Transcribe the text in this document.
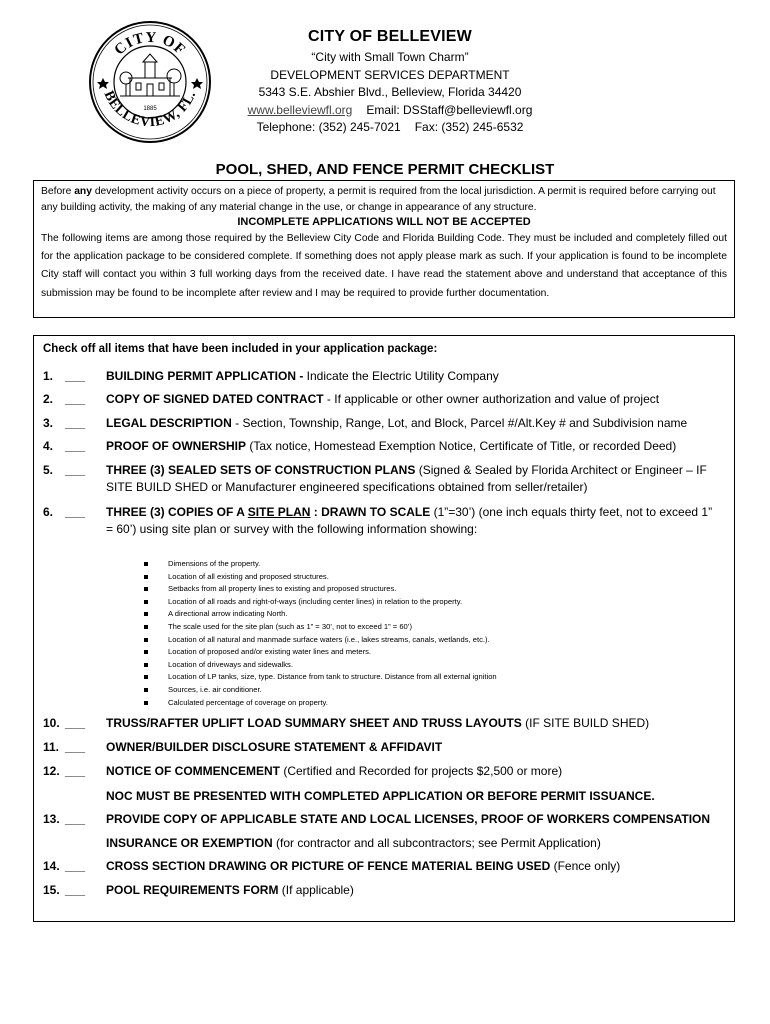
CITY OF
BELLEVIEW, FL.
1885
CITY OF BELLEVIEW
“City with Small Town Charm”
DEVELOPMENT SERVICES DEPARTMENT
5343 S.E. Abshier Blvd., Belleview, Florida 34420
www.belleviewfl.org Email: DSStaff@belleviewfl.org
Telephone: (352) 245-7021 Fax: (352) 245-6532
POOL, SHED, AND FENCE PERMIT CHECKLIST
Before any development activity occurs on a piece of property, a permit is required from the local jurisdiction. A permit is required before carrying out any building activity, the making of any material change in the use, or change in appearance of any structure.
INCOMPLETE APPLICATIONS WILL NOT BE ACCEPTED
The following items are among those required by the Belleview City Code and Florida Building Code. They must be included and completely filled out for the application package to be considered complete. If something does not apply please mark as such. If your application is found to be incomplete City staff will contact you within 3 full working days from the received date. I have read the statement above and understand that acceptance of this submission may be found to be incomplete after review and I may be required to provide further documentation.
Check off all items that have been included in your application package:
1. ___ BUILDING PERMIT APPLICATION - Indicate the Electric Utility Company
2. ___ COPY OF SIGNED DATED CONTRACT - If applicable or other owner authorization and value of project
3. ___ LEGAL DESCRIPTION - Section, Township, Range, Lot, and Block, Parcel #/Alt.Key # and Subdivision name
4. ___ PROOF OF OWNERSHIP (Tax notice, Homestead Exemption Notice, Certificate of Title, or recorded Deed)
5. ___ THREE (3) SEALED SETS OF CONSTRUCTION PLANS (Signed & Sealed by Florida Architect or Engineer – IF SITE BUILD SHED or Manufacturer engineered specifications obtained from seller/retailer)
6. ___ THREE (3) COPIES OF A SITE PLAN : DRAWN TO SCALE (1”=30’) (one inch equals thirty feet, not to exceed 1” = 60’) using site plan or survey with the following information showing:
Dimensions of the property.
Location of all existing and proposed structures.
Setbacks from all property lines to existing and proposed structures.
Location of all roads and right-of-ways (including center lines) in relation to the property.
A directional arrow indicating North.
The scale used for the site plan (such as 1” = 30’, not to exceed 1” = 60’)
Location of all natural and manmade surface waters (i.e., lakes streams, canals, wetlands, etc.).
Location of proposed and/or existing water lines and meters.
Location of driveways and sidewalks.
Location of LP tanks, size, type. Distance from tank to structure. Distance from all external ignition
Sources, i.e. air conditioner.
Calculated percentage of coverage on property.
10. ___ TRUSS/RAFTER UPLIFT LOAD SUMMARY SHEET AND TRUSS LAYOUTS (IF SITE BUILD SHED)
11. ___ OWNER/BUILDER DISCLOSURE STATEMENT & AFFIDAVIT
12. ___ NOTICE OF COMMENCEMENT (Certified and Recorded for projects $2,500 or more)
NOC MUST BE PRESENTED WITH COMPLETED APPLICATION OR BEFORE PERMIT ISSUANCE.
13. ___ PROVIDE COPY OF APPLICABLE STATE AND LOCAL LICENSES, PROOF OF WORKERS COMPENSATION
INSURANCE OR EXEMPTION (for contractor and all subcontractors; see Permit Application)
14. ___ CROSS SECTION DRAWING OR PICTURE OF FENCE MATERIAL BEING USED (Fence only)
15. ___ POOL REQUIREMENTS FORM (If applicable)
